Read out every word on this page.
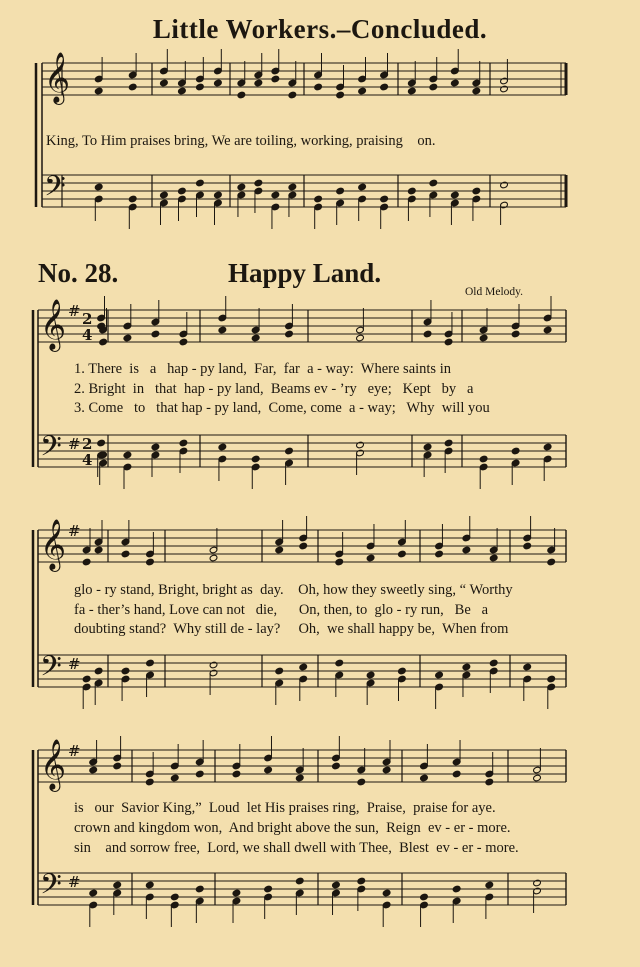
Little Workers.–Concluded.
No. 28.	Happy Land.
Old Melody.
King, To Him praises bring, We are toiling, working, praising    on.
1. There  is   a   hap - py land,  Far,  far  a - way:  Where saints in
2. Bright  in   that  hap - py land,  Beams ev - ’ry   eye;   Kept   by   a
3. Come   to   that hap - py land,  Come, come  a - way;   Why  will you
glo - ry stand, Bright, bright as  day.    Oh, how they sweetly sing, “ Worthy
fa - ther’s hand, Love can not   die,      On, then, to  glo - ry run,   Be   a
doubting stand?  Why still de - lay?     Oh,  we shall happy be,  When from
is   our  Savior King,”  Loud  let His praises ring,  Praise,  praise for aye.
crown and kingdom won,  And bright above the sun,  Reign  ev - er - more.
sin    and sorrow free,  Lord, we shall dwell with Thee,  Blest  ev - er - more.
𝄞
𝄢
𝄞
𝄢
#
#
2
4
2
4
𝄞
𝄢
#
#
𝄞
𝄢
#
#
